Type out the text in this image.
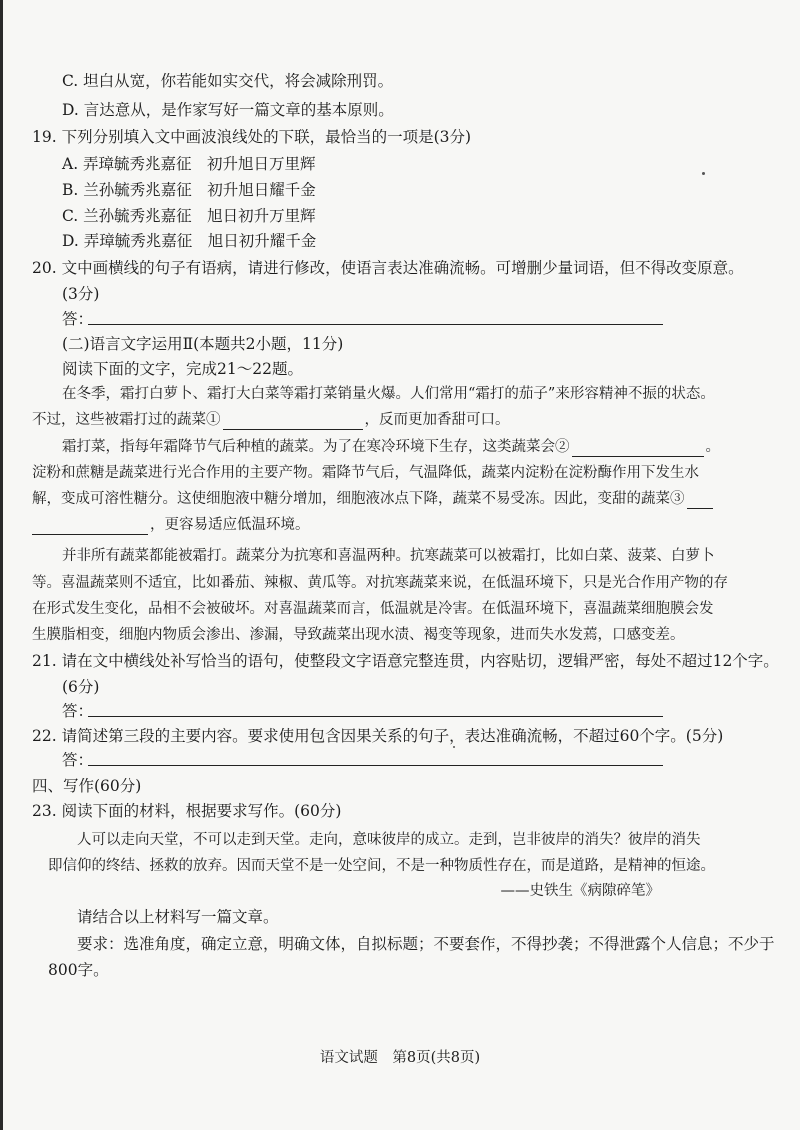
C. 坦白从宽，你若能如实交代，将会减除刑罚。
D. 言达意从，是作家写好一篇文章的基本原则。
19. 下列分别填入文中画波浪线处的下联，最恰当的一项是(3分)
A. 弄璋毓秀兆嘉征　初升旭日万里辉
B. 兰孙毓秀兆嘉征　初升旭日耀千金
C. 兰孙毓秀兆嘉征　旭日初升万里辉
D. 弄璋毓秀兆嘉征　旭日初升耀千金
20. 文中画横线的句子有语病，请进行修改，使语言表达准确流畅。可增删少量词语，但不得改变原意。
(3分)
答：
(二)语言文字运用Ⅱ(本题共2小题，11分)
阅读下面的文字，完成21～22题。
在冬季，霜打白萝卜、霜打大白菜等霜打菜销量火爆。人们常用“霜打的茄子”来形容精神不振的状态。
不过，这些被霜打过的蔬菜①	，反而更加香甜可口。
霜打菜，指每年霜降节气后种植的蔬菜。为了在寒冷环境下生存，这类蔬菜会②	。
淀粉和蔗糖是蔬菜进行光合作用的主要产物。霜降节气后，气温降低，蔬菜内淀粉在淀粉酶作用下发生水
解，变成可溶性糖分。这使细胞液中糖分增加，细胞液冰点下降，蔬菜不易受冻。因此，变甜的蔬菜③
，更容易适应低温环境。
并非所有蔬菜都能被霜打。蔬菜分为抗寒和喜温两种。抗寒蔬菜可以被霜打，比如白菜、菠菜、白萝卜
等。喜温蔬菜则不适宜，比如番茄、辣椒、黄瓜等。对抗寒蔬菜来说，在低温环境下，只是光合作用产物的存
在形式发生变化，品相不会被破坏。对喜温蔬菜而言，低温就是冷害。在低温环境下，喜温蔬菜细胞膜会发
生膜脂相变，细胞内物质会渗出、渗漏，导致蔬菜出现水渍、褐变等现象，进而失水发蔫，口感变差。
21. 请在文中横线处补写恰当的语句，使整段文字语意完整连贯，内容贴切，逻辑严密，每处不超过12个字。
(6分)
答：
22. 请简述第三段的主要内容。要求使用包含因果关系的句子，表达准确流畅，不超过60个字。(5分)
答：
四、写作(60分)
23. 阅读下面的材料，根据要求写作。(60分)
人可以走向天堂，不可以走到天堂。走向，意味彼岸的成立。走到，岂非彼岸的消失？彼岸的消失
即信仰的终结、拯救的放弃。因而天堂不是一处空间，不是一种物质性存在，而是道路，是精神的恒途。
——史铁生《病隙碎笔》
请结合以上材料写一篇文章。
要求：选准角度，确定立意，明确文体，自拟标题；不要套作，不得抄袭；不得泄露个人信息；不少于
800字。
语文试题　第8页(共8页)
